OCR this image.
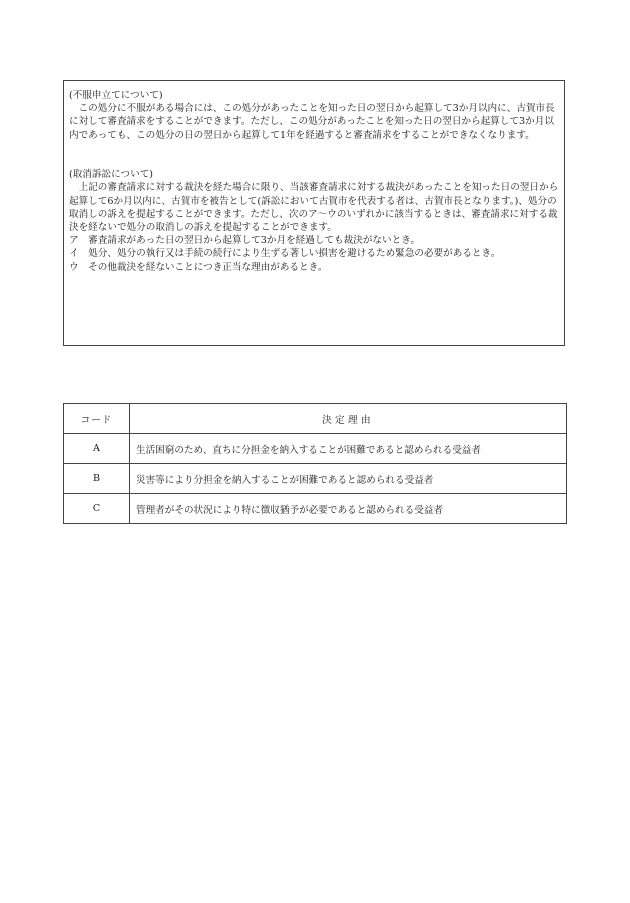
(不服申立てについて)

この処分に不服がある場合には、この処分があったことを知った日の翌日から起算して3か月以内に、古賀市長に対して審査請求をすることができます。ただし、この処分があったことを知った日の翌日から起算して3か月以内であっても、この処分の日の翌日から起算して1年を経過すると審査請求をすることができなくなります。

(取消訴訟について)

上記の審査請求に対する裁決を経た場合に限り、当該審査請求に対する裁決があったことを知った日の翌日から起算して6か月以内に、古賀市を被告として(訴訟において古賀市を代表する者は、古賀市長となります。)、処分の取消しの訴えを提起することができます。ただし、次のア〜ウのいずれかに該当するときは、審査請求に対する裁決を経ないで処分の取消しの訴えを提起することができます。

ア　審査請求があった日の翌日から起算して3か月を経過しても裁決がないとき。

イ　処分、処分の執行又は手続の続行により生ずる著しい損害を避けるため緊急の必要があるとき。

ウ　その他裁決を経ないことにつき正当な理由があるとき。

コード	決定理由
A	生活困窮のため、直ちに分担金を納入することが困難であると認められる受益者
B	災害等により分担金を納入することが困難であると認められる受益者
C	管理者がその状況により特に徴収猶予が必要であると認められる受益者
